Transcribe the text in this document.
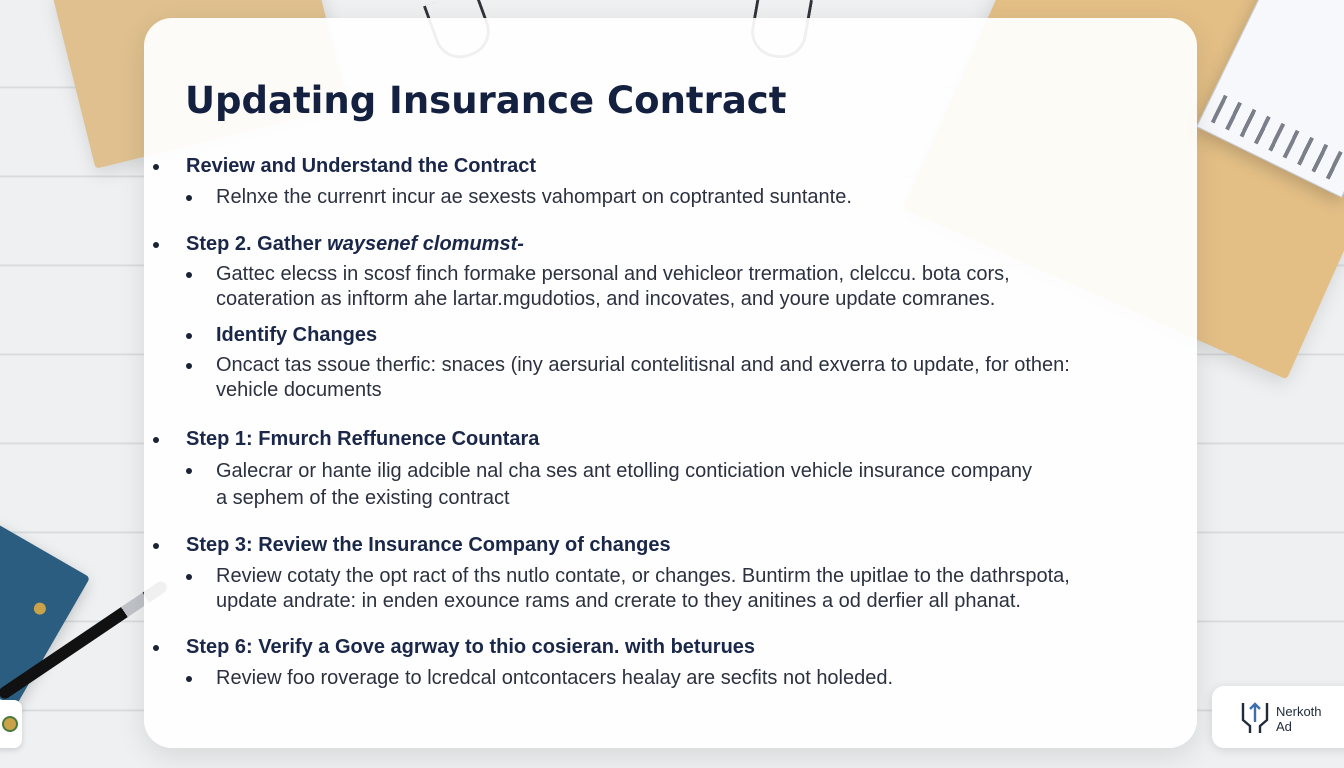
Updating Insurance Contract
Review and Understand the Contract
Relnxe the currenrt incur ae sexests vahompart on coptranted suntante.
Step 2. Gather waysenef clomumst-
Gattec elecss in scosf finch formake personal and vehicleor trermation, clelccu. bota cors,
coateration as inftorm ahe lartar.mgudotios, and incovates, and youre update comranes.
Identify Changes
Oncact tas ssoue therfic: snaces (iny aersurial contelitisnal and and exverra to update, for othen:
vehicle documents
Step 1: Fmurch Reffunence Countara
Galecrar or hante ilig adcible nal cha ses ant etolling conticiation vehicle insurance company
a sephem of the existing contract
Step 3: Review the Insurance Company of changes
Review cotaty the opt ract of ths nutlo contate, or changes. Buntirm the upitlae to the dathrspota,
update andrate: in enden exounce rams and crerate to they anitines a od derfier all phanat.
Step 6: Verify a Gove agrway to thio cosieran. with beturues
Review foo roverage to lcredcal ontcontacers healay are secfits not holeded.
Nerkoth
Ad
